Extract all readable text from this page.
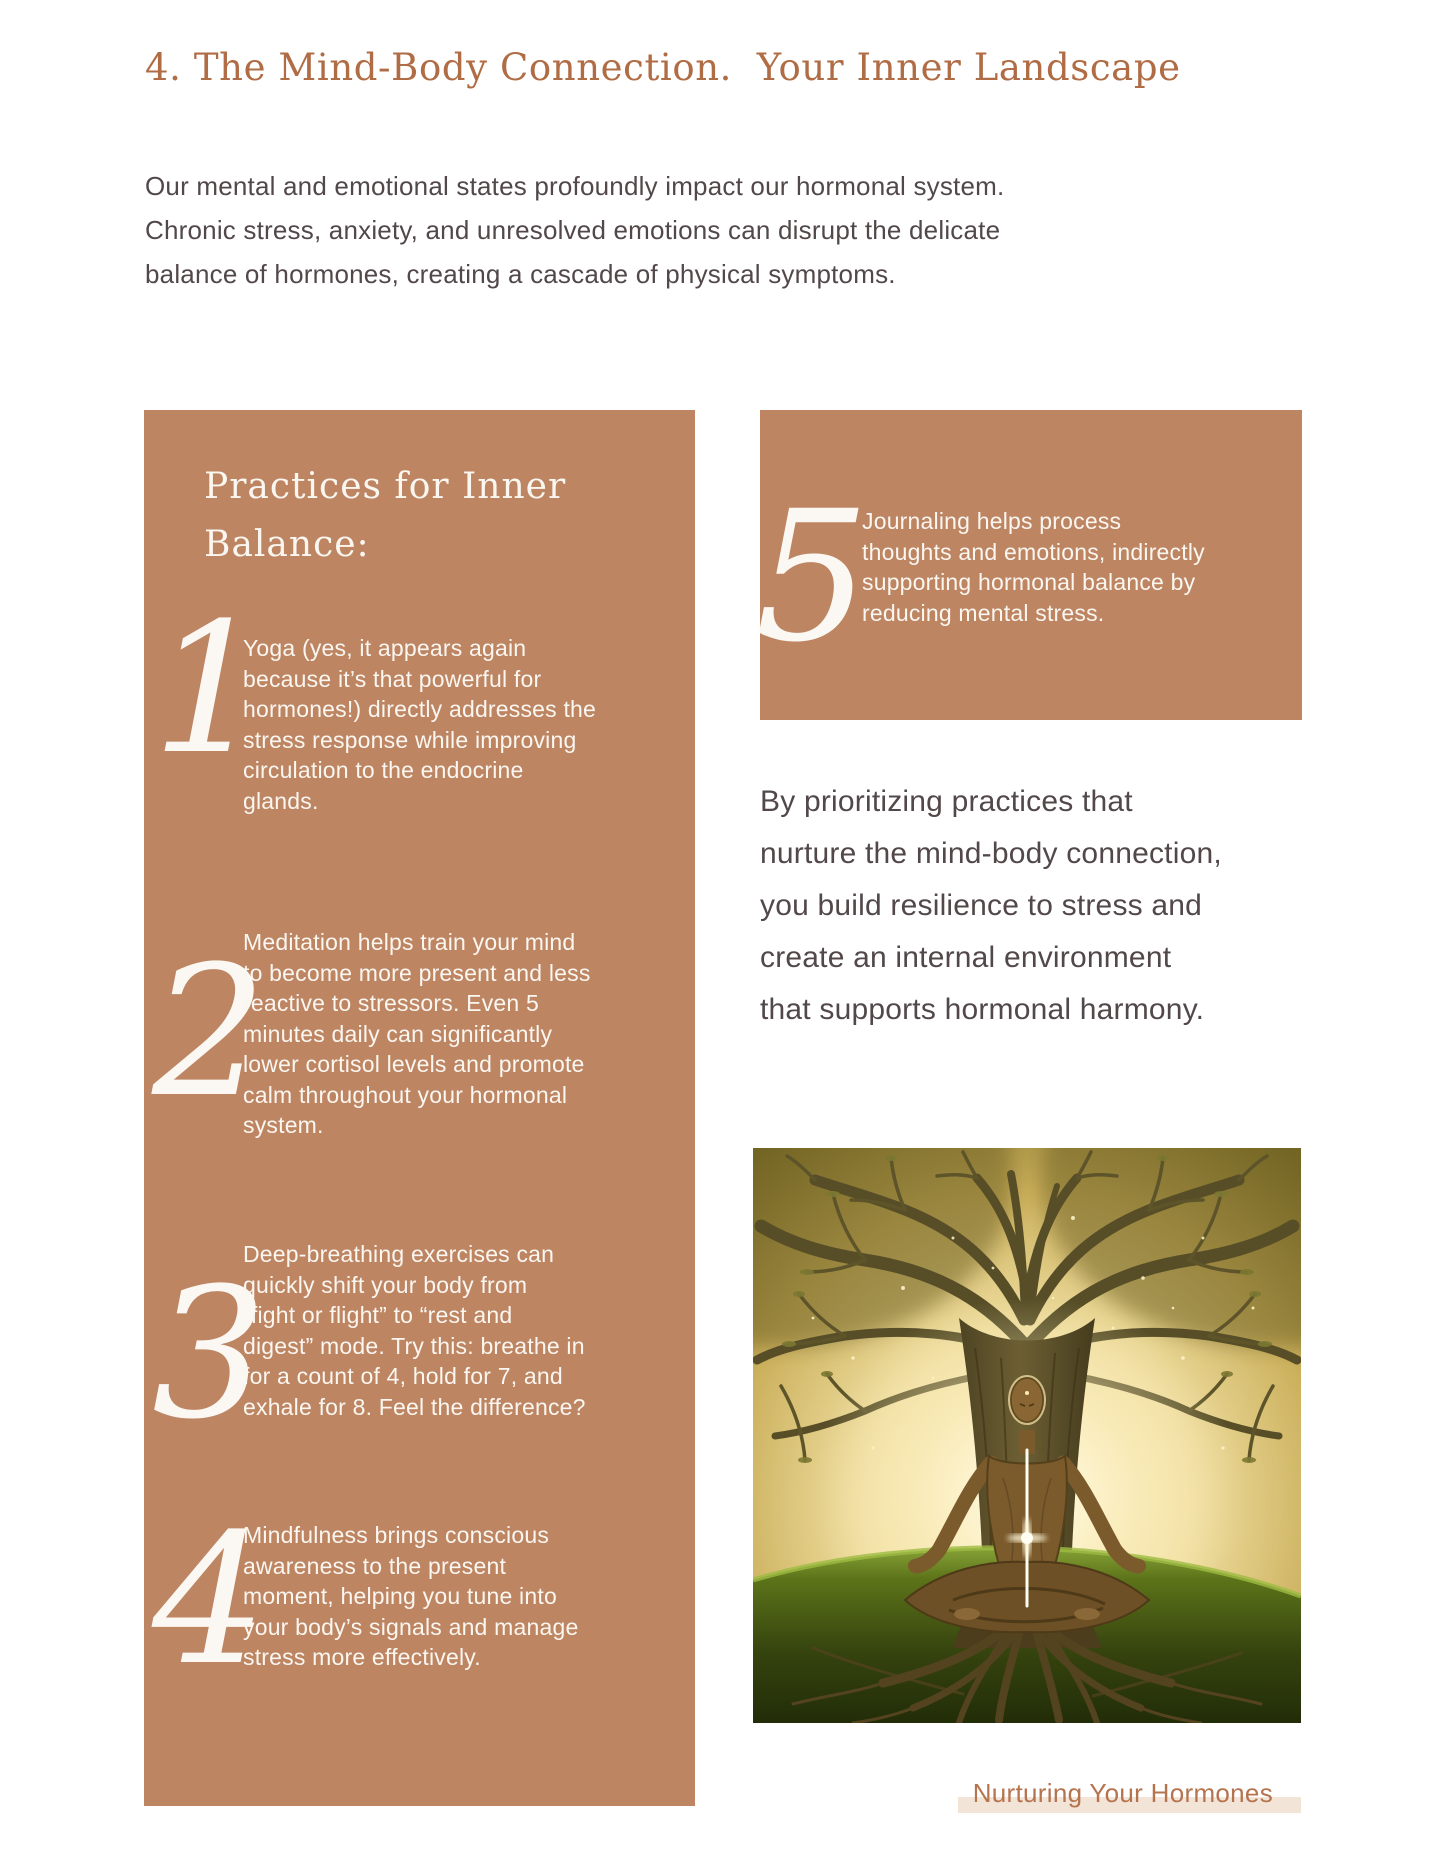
4. The Mind-Body Connection.  Your Inner Landscape
Our mental and emotional states profoundly impact our hormonal system.
Chronic stress, anxiety, and unresolved emotions can disrupt the delicate
balance of hormones, creating a cascade of physical symptoms.
Practices for Inner
Balance:
1
Yoga (yes, it appears again
because it’s that powerful for
hormones!) directly addresses the
stress response while improving
circulation to the endocrine
glands.
2
Meditation helps train your mind
to become more present and less
reactive to stressors. Even 5
minutes daily can significantly
lower cortisol levels and promote
calm throughout your hormonal
system.
3
Deep-breathing exercises can
quickly shift your body from
“fight or flight” to “rest and
digest” mode. Try this: breathe in
for a count of 4, hold for 7, and
exhale for 8. Feel the difference?
4
Mindfulness brings conscious
awareness to the present
moment, helping you tune into
your body’s signals and manage
stress more effectively.
5
Journaling helps process
thoughts and emotions, indirectly
supporting hormonal balance by
reducing mental stress.
By prioritizing practices that
nurture the mind-body connection,
you build resilience to stress and
create an internal environment
that supports hormonal harmony.
Nurturing Your Hormones
